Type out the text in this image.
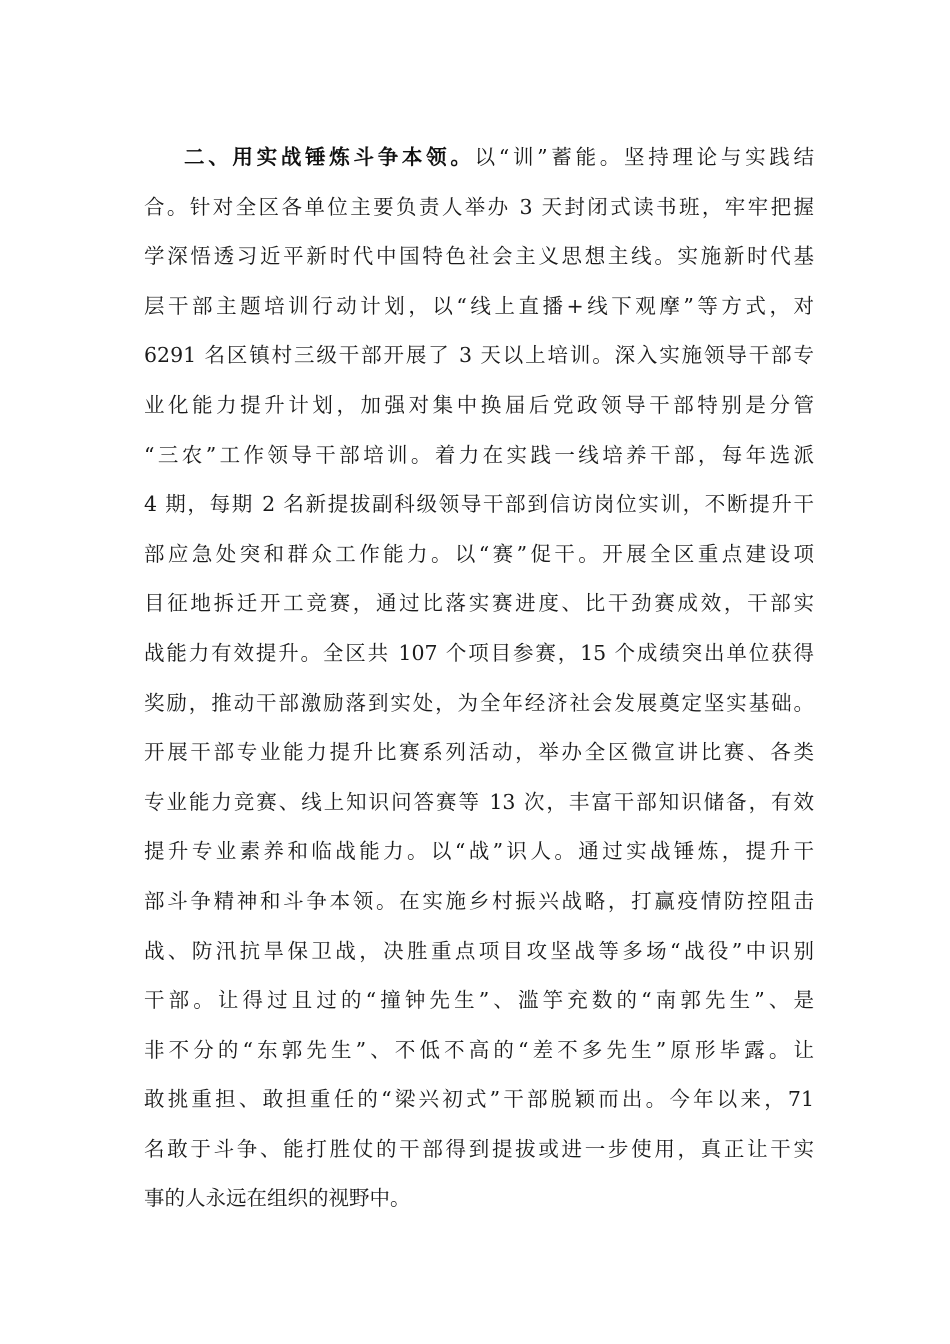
二、用实战锤炼斗争本领。以“训”蓄能。坚持理论与实践结
合。针对全区各单位主要负责人举办 3 天封闭式读书班，牢牢把握
学深悟透习近平新时代中国特色社会主义思想主线。实施新时代基
层干部主题培训行动计划，以“线上直播+线下观摩”等方式，对
6291 名区镇村三级干部开展了 3 天以上培训。深入实施领导干部专
业化能力提升计划，加强对集中换届后党政领导干部特别是分管
“三农”工作领导干部培训。着力在实践一线培养干部，每年选派
4 期，每期 2 名新提拔副科级领导干部到信访岗位实训，不断提升干
部应急处突和群众工作能力。以“赛”促干。开展全区重点建设项
目征地拆迁开工竞赛，通过比落实赛进度、比干劲赛成效，干部实
战能力有效提升。全区共 107 个项目参赛，15 个成绩突出单位获得
奖励，推动干部激励落到实处，为全年经济社会发展奠定坚实基础。
开展干部专业能力提升比赛系列活动，举办全区微宣讲比赛、各类
专业能力竞赛、线上知识问答赛等 13 次，丰富干部知识储备，有效
提升专业素养和临战能力。以“战”识人。通过实战锤炼，提升干
部斗争精神和斗争本领。在实施乡村振兴战略，打赢疫情防控阻击
战、防汛抗旱保卫战，决胜重点项目攻坚战等多场“战役”中识别
干部。让得过且过的“撞钟先生”、滥竽充数的“南郭先生”、是
非不分的“东郭先生”、不低不高的“差不多先生”原形毕露。让
敢挑重担、敢担重任的“梁兴初式”干部脱颖而出。今年以来，71
名敢于斗争、能打胜仗的干部得到提拔或进一步使用，真正让干实
事的人永远在组织的视野中。
